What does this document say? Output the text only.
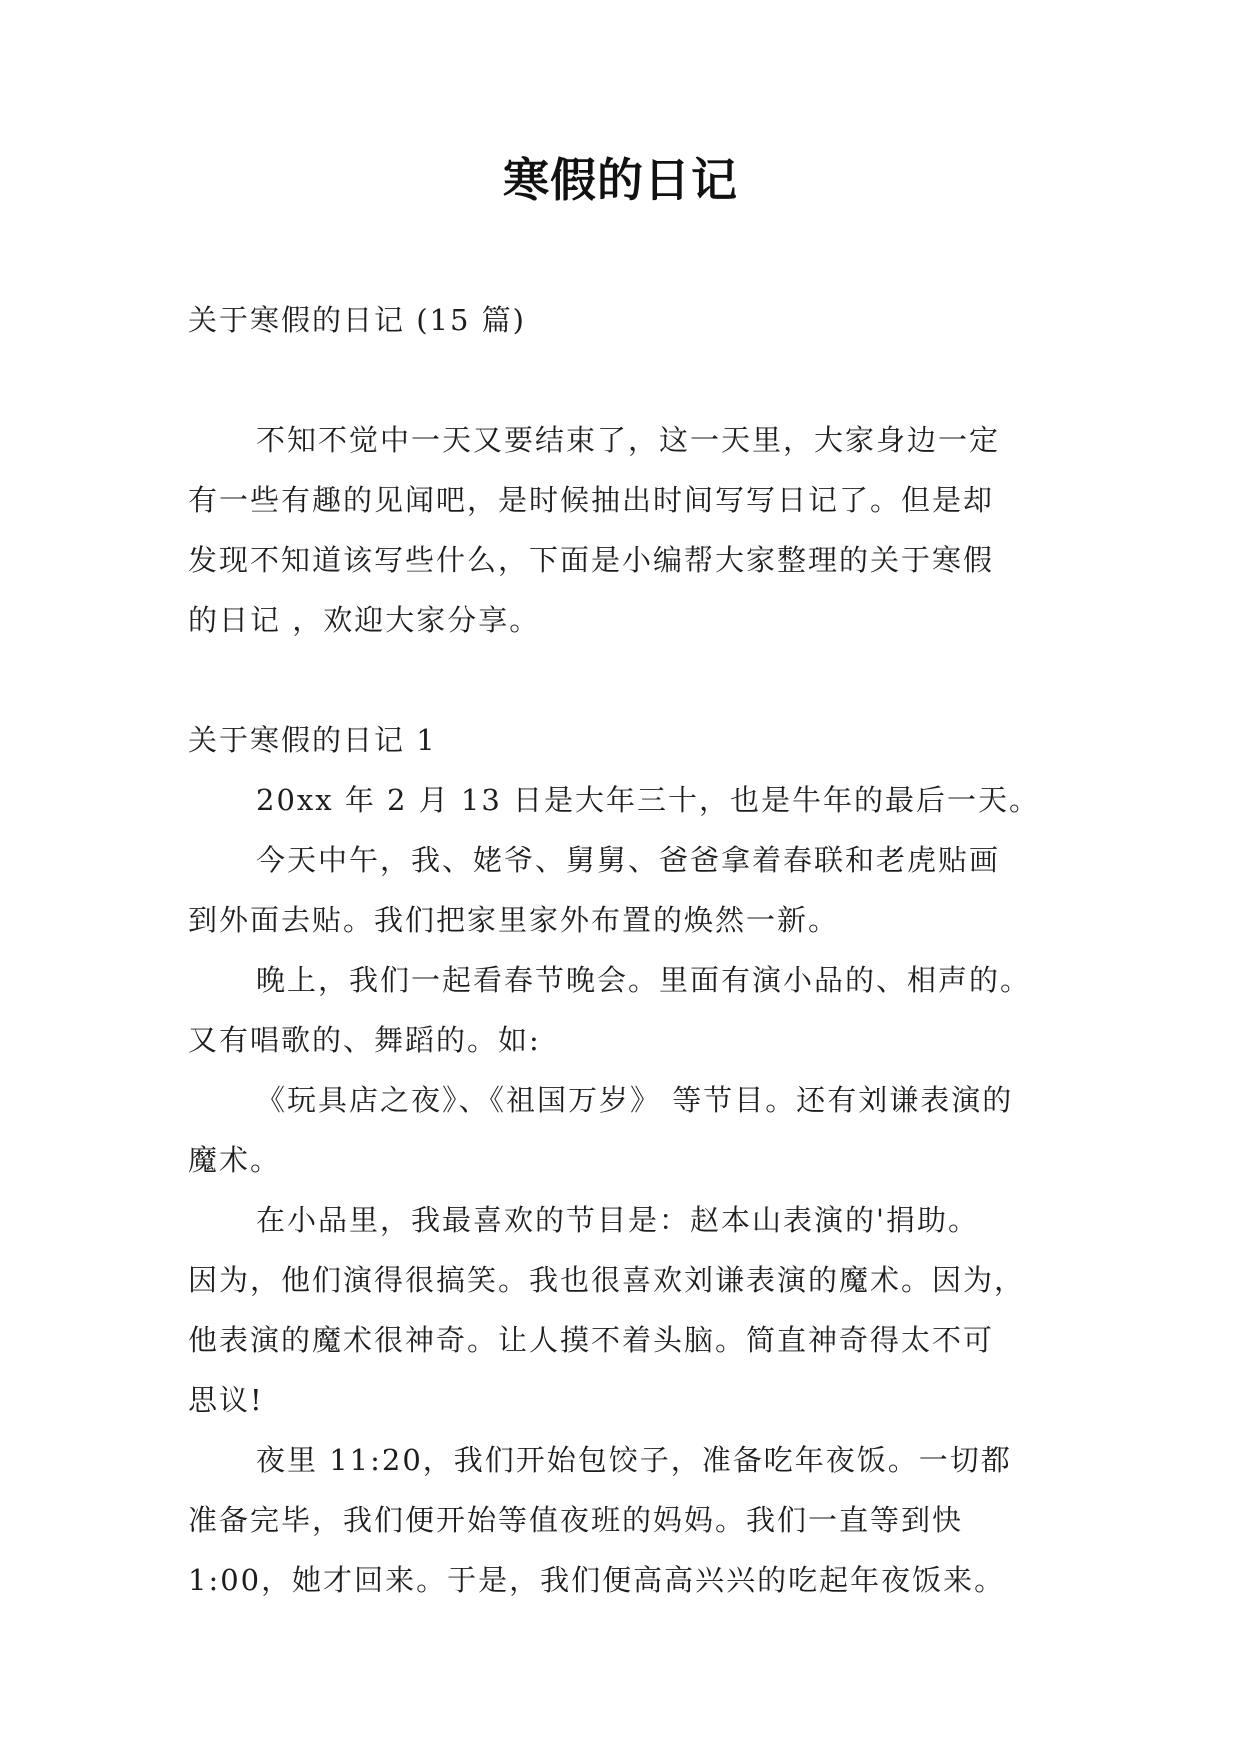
寒假的日记
关于寒假的日记 (15 篇)
不知不觉中一天又要结束了，这一天里，大家身边一定
有一些有趣的见闻吧，是时候抽出时间写写日记了。但是却
发现不知道该写些什么，下面是小编帮大家整理的关于寒假
的日记 ，欢迎大家分享。
关于寒假的日记 1
20xx 年 2 月 13 日是大年三十，也是牛年的最后一天。
今天中午，我、姥爷、舅舅、爸爸拿着春联和老虎贴画
到外面去贴。我们把家里家外布置的焕然一新。
晚上，我们一起看春节晚会。里面有演小品的、相声的。
又有唱歌的、舞蹈的。如:
《玩具店之夜》、《祖国万岁》 等节目。还有刘谦表演的
魔术。
在小品里，我最喜欢的节目是：赵本山表演的'捐助。
因为，他们演得很搞笑。我也很喜欢刘谦表演的魔术。因为，
他表演的魔术很神奇。让人摸不着头脑。简直神奇得太不可
思议!
夜里 11:20，我们开始包饺子，准备吃年夜饭。一切都
准备完毕，我们便开始等值夜班的妈妈。我们一直等到快
1:00，她才回来。于是，我们便高高兴兴的吃起年夜饭来。
